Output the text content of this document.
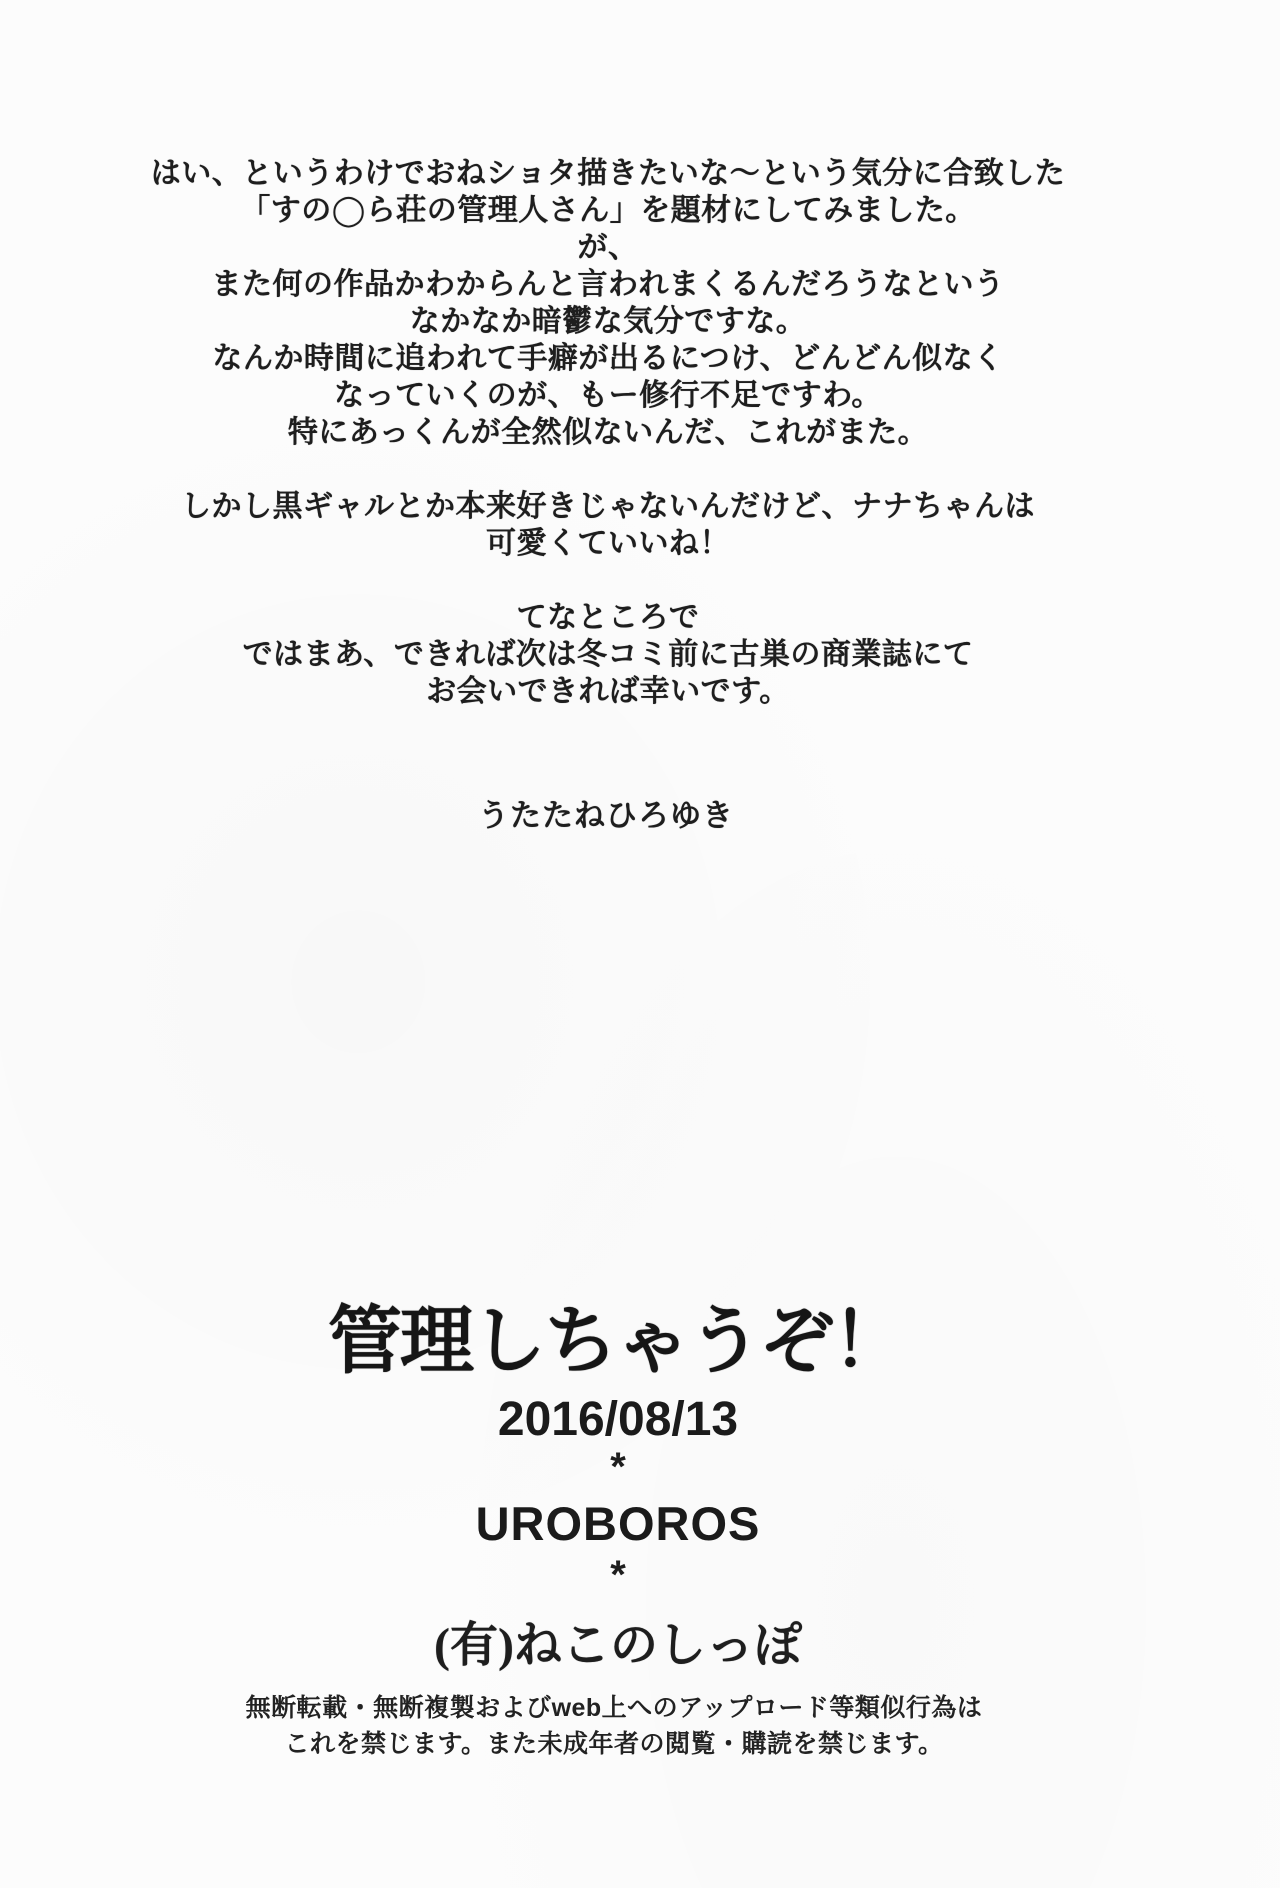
はい、というわけでおねショタ描きたいな〜という気分に合致した
「すの◯ら荘の管理人さん」を題材にしてみました。
が、
また何の作品かわからんと言われまくるんだろうなという
なかなか暗鬱な気分ですな。
なんか時間に追われて手癖が出るにつけ、どんどん似なく
なっていくのが、もー修行不足ですわ。
特にあっくんが全然似ないんだ、これがまた。
しかし黒ギャルとか本来好きじゃないんだけど、ナナちゃんは
可愛くていいね！
てなところで
ではまあ、できれば次は冬コミ前に古巣の商業誌にて
お会いできれば幸いです。
うたたねひろゆき
管理しちゃうぞ！
2016/08/13
*
UROBOROS
*
(有)ねこのしっぽ
無断転載・無断複製およびweb上へのアップロード等類似行為は
これを禁じます。また未成年者の閲覧・購読を禁じます。
